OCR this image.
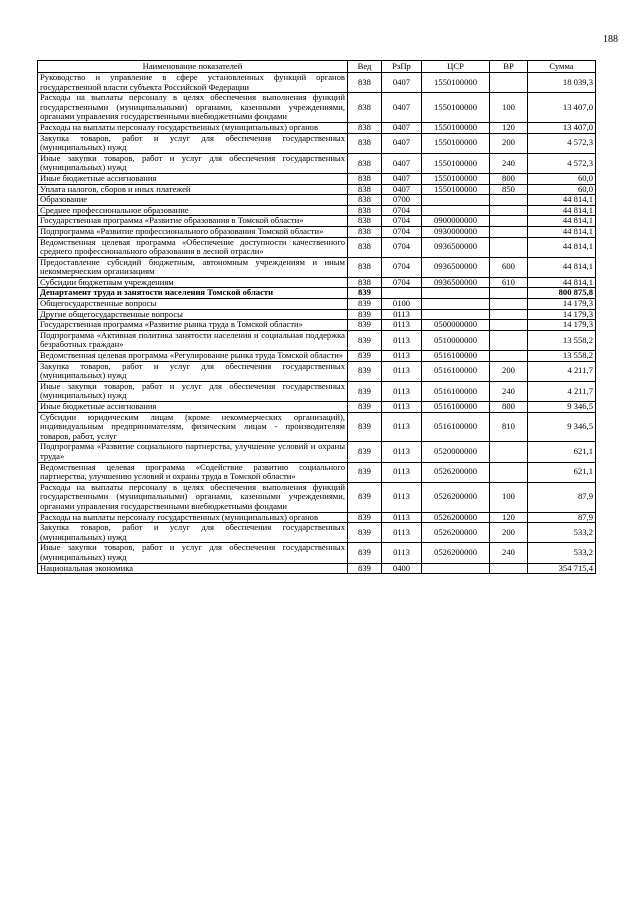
188
Наименование показателей	Вед	РзПр	ЦСР	ВР	Сумма
Руководство и управление в сфере установленных функций органов государственной власти субъекта Российской Федерации	838	0407	1550100000		18 039,3
Расходы на выплаты персоналу в целях обеспечения выполнения функций государственными (муниципальными) органами, казенными учреждениями, органами управления государственными внебюджетными фондами	838	0407	1550100000	100	13 407,0
Расходы на выплаты персоналу государственных (муниципальных) органов	838	0407	1550100000	120	13 407,0
Закупка товаров, работ и услуг для обеспечения государственных (муниципальных) нужд	838	0407	1550100000	200	4 572,3
Иные закупки товаров, работ и услуг для обеспечения государственных (муниципальных) нужд	838	0407	1550100000	240	4 572,3
Иные бюджетные ассигнования	838	0407	1550100000	800	60,0
Уплата налогов, сборов и иных платежей	838	0407	1550100000	850	60,0
Образование	838	0700			44 814,1
Среднее профессиональное образование	838	0704			44 814,1
Государственная программа «Развитие образования в Томской области»	838	0704	0900000000		44 814,1
Подпрограмма «Развитие профессионального образования Томской области»	838	0704	0930000000		44 814,1
Ведомственная целевая программа «Обеспечение доступности качественного среднего профессионального образования в лесной отрасли»	838	0704	0936500000		44 814,1
Предоставление субсидий бюджетным, автономным учреждениям и иным некоммерческим организациям	838	0704	0936500000	600	44 814,1
Субсидии бюджетным учреждениям	838	0704	0936500000	610	44 814,1
Департамент труда и занятости населения Томской области	839				800 875,8
Общегосударственные вопросы	839	0100			14 179,3
Другие общегосударственные вопросы	839	0113			14 179,3
Государственная программа «Развитие рынка труда в Томской области»	839	0113	0500000000		14 179,3
Подпрограмма «Активная политика занятости населения и социальная поддержка безработных граждан»	839	0113	0510000000		13 558,2
Ведомственная целевая программа «Регулирование рынка труда Томской области»	839	0113	0516100000		13 558,2
Закупка товаров, работ и услуг для обеспечения государственных (муниципальных) нужд	839	0113	0516100000	200	4 211,7
Иные закупки товаров, работ и услуг для обеспечения государственных (муниципальных) нужд	839	0113	0516100000	240	4 211,7
Иные бюджетные ассигнования	839	0113	0516100000	800	9 346,5
Субсидии юридическим лицам (кроме некоммерческих организаций), индивидуальным предпринимателям, физическим лицам - производителям товаров, работ, услуг	839	0113	0516100000	810	9 346,5
Подпрограмма «Развитие социального партнерства, улучшение условий и охраны труда»	839	0113	0520000000		621,1
Ведомственная целевая программа «Содействие развитию социального партнерства, улучшению условий и охраны труда в Томской области»	839	0113	0526200000		621,1
Расходы на выплаты персоналу в целях обеспечения выполнения функций государственными (муниципальными) органами, казенными учреждениями, органами управления государственными внебюджетными фондами	839	0113	0526200000	100	87,9
Расходы на выплаты персоналу государственных (муниципальных) органов	839	0113	0526200000	120	87,9
Закупка товаров, работ и услуг для обеспечения государственных (муниципальных) нужд	839	0113	0526200000	200	533,2
Иные закупки товаров, работ и услуг для обеспечения государственных (муниципальных) нужд	839	0113	0526200000	240	533,2
Национальная экономика	839	0400			354 715,4
